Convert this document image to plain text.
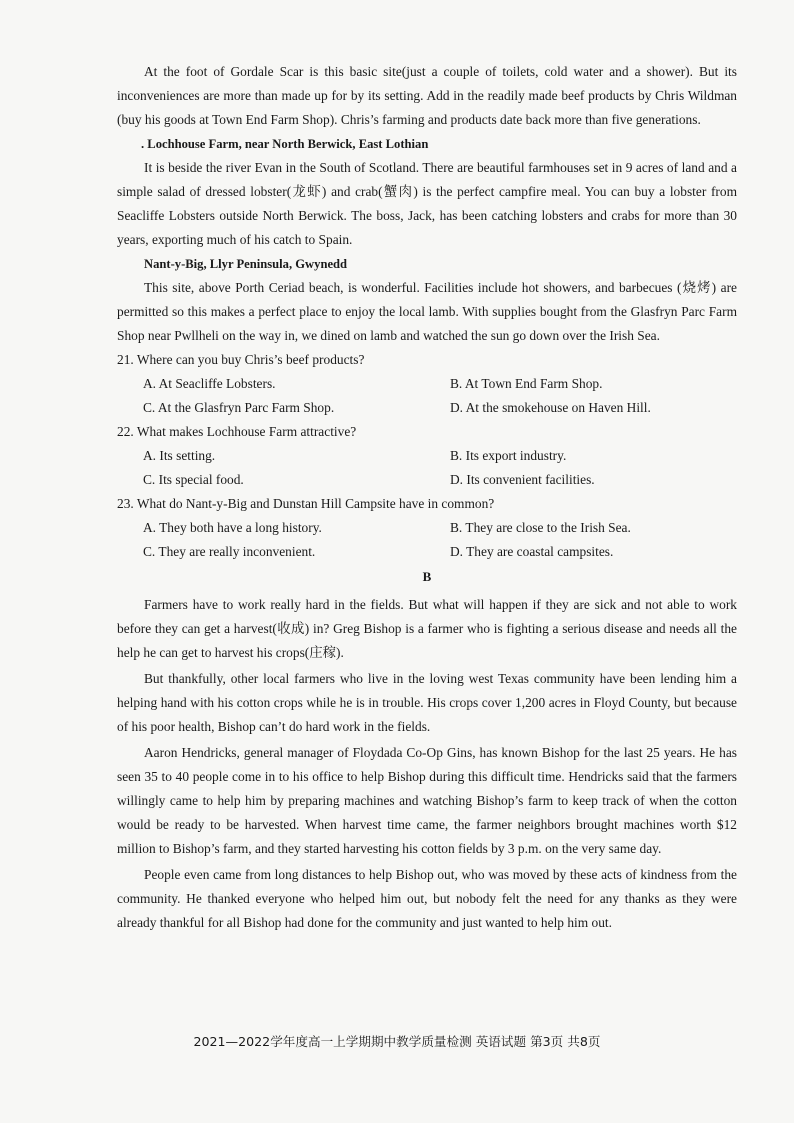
At the foot of Gordale Scar is this basic site(just a couple of toilets, cold water and a shower). But its inconveniences are more than made up for by its setting. Add in the readily made beef products by Chris Wildman (buy his goods at Town End Farm Shop). Chris’s farming and products date back more than five generations.

. Lochhouse Farm, near North Berwick, East Lothian

It is beside the river Evan in the South of Scotland. There are beautiful farmhouses set in 9 acres of land and a simple salad of dressed lobster(龙虾) and crab(蟹肉) is the perfect campfire meal. You can buy a lobster from Seacliffe Lobsters outside North Berwick. The boss, Jack, has been catching lobsters and crabs for more than 30 years, exporting much of his catch to Spain.

Nant-y-Big, Llyr Peninsula, Gwynedd

This site, above Porth Ceriad beach, is wonderful. Facilities include hot showers, and barbecues (烧烤) are permitted so this makes a perfect place to enjoy the local lamb. With supplies bought from the Glasfryn Parc Farm Shop near Pwllheli on the way in, we dined on lamb and watched the sun go down over the Irish Sea.

21. Where can you buy Chris’s beef products?

A. At Seacliffe Lobsters.	B. At Town End Farm Shop.
C. At the Glasfryn Parc Farm Shop.	D. At the smokehouse on Haven Hill.

22. What makes Lochhouse Farm attractive?

A. Its setting.	B. Its export industry.
C. Its special food.	D. Its convenient facilities.

23. What do Nant-y-Big and Dunstan Hill Campsite have in common?

A. They both have a long history.	B. They are close to the Irish Sea.
C. They are really inconvenient.	D. They are coastal campsites.
B

Farmers have to work really hard in the fields. But what will happen if they are sick and not able to work before they can get a harvest(收成) in? Greg Bishop is a farmer who is fighting a serious disease and needs all the help he can get to harvest his crops(庄稼).

But thankfully, other local farmers who live in the loving west Texas community have been lending him a helping hand with his cotton crops while he is in trouble. His crops cover 1,200 acres in Floyd County, but because of his poor health, Bishop can’t do hard work in the fields.

Aaron Hendricks, general manager of Floydada Co-Op Gins, has known Bishop for the last 25 years. He has seen 35 to 40 people come in to his office to help Bishop during this difficult time. Hendricks said that the farmers willingly came to help him by preparing machines and watching Bishop’s farm to keep track of when the cotton would be ready to be harvested. When harvest time came, the farmer neighbors brought machines worth $12 million to Bishop’s farm, and they started harvesting his cotton fields by 3 p.m. on the very same day.

People even came from long distances to help Bishop out, who was moved by these acts of kindness from the community. He thanked everyone who helped him out, but nobody felt the need for any thanks as they were already thankful for all Bishop had done for the community and just wanted to help him out.

2021—2022学年度高一上学期期中教学质量检测 英语试题 第3页 共8页
